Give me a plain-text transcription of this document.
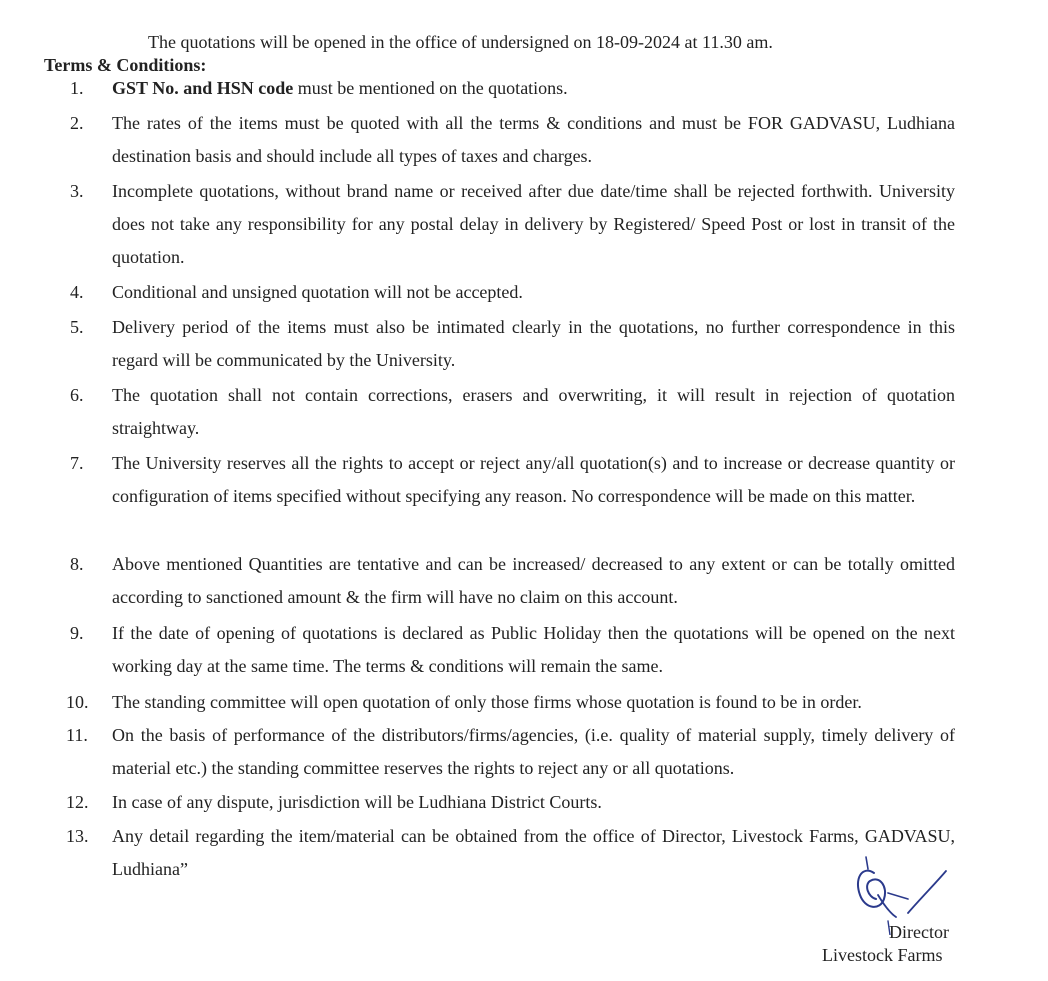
The quotations will be opened in the office of undersigned on 18-09-2024 at 11.30 am.
Terms & Conditions:
1. GST No. and HSN code must be mentioned on the quotations.
2. The rates of the items must be quoted with all the terms & conditions and must be FOR GADVASU, Ludhiana destination basis and should include all types of taxes and charges.
3. Incomplete quotations, without brand name or received after due date/time shall be rejected forthwith. University does not take any responsibility for any postal delay in delivery by Registered/ Speed Post or lost in transit of the quotation.
4. Conditional and unsigned quotation will not be accepted.
5. Delivery period of the items must also be intimated clearly in the quotations, no further correspondence in this regard will be communicated by the University.
6. The quotation shall not contain corrections, erasers and overwriting, it will result in rejection of quotation straightway.
7. The University reserves all the rights to accept or reject any/all quotation(s) and to increase or decrease quantity or configuration of items specified without specifying any reason. No correspondence will be made on this matter.
8. Above mentioned Quantities are tentative and can be increased/ decreased to any extent or can be totally omitted according to sanctioned amount & the firm will have no claim on this account.
9. If the date of opening of quotations is declared as Public Holiday then the quotations will be opened on the next working day at the same time. The terms & conditions will remain the same.
10. The standing committee will open quotation of only those firms whose quotation is found to be in order.
11. On the basis of performance of the distributors/firms/agencies, (i.e. quality of material supply, timely delivery of material etc.) the standing committee reserves the rights to reject any or all quotations.
12. In case of any dispute, jurisdiction will be Ludhiana District Courts.
13. Any detail regarding the item/material can be obtained from the office of Director, Livestock Farms, GADVASU, Ludhiana”
Director
Livestock Farms
